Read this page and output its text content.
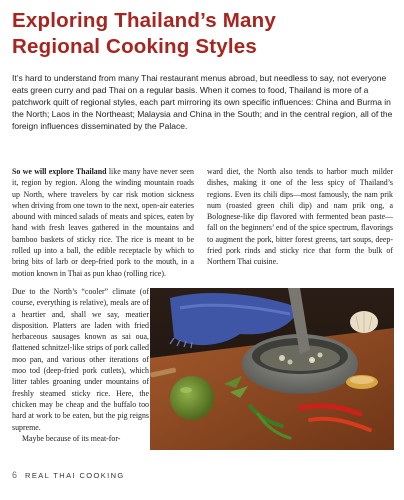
Exploring Thailand’s Many
Regional Cooking Styles
It’s hard to understand from many Thai restaurant menus abroad, but needless to say, not everyone eats green curry and pad Thai on a regular basis. When it comes to food, Thailand is more of a patchwork quilt of regional styles, each part mirroring its own specific influences: China and Burma in the North; Laos in the Northeast; Malaysia and China in the South; and in the central region, all of the foreign influences disseminated by the Palace.

So we will explore Thailand like many have never seen it, region by region. Along the winding mountain roads up North, where travelers by car risk motion sickness when driving from one town to the next, open-air eateries abound with minced salads of meats and spices, eaten by hand with fresh leaves gathered in the mountains and bamboo baskets of sticky rice. The rice is meant to be rolled up into a ball, the edible receptacle by which to bring bits of larb or deep-fried pork to the mouth, in a motion known in Thai as pun khao (rolling rice).

Due to the North’s “cooler” climate (of course, everything is relative), meals are of a heartier and, shall we say, meatier disposition. Platters are laden with fried herbaceous sausages known as sai oua, flattened schnitzel-like strips of pork called moo pan, and various other iterations of moo tod (deep-fried pork cutlets), which litter tables groaning under mountains of freshly steamed sticky rice. Here, the chicken may be cheap and the buffalo too hard at work to be eaten, but the pig reigns supreme.

Maybe because of its meat-for-

ward diet, the North also tends to harbor much milder dishes, making it one of the less spicy of Thailand’s regions. Even its chili dips—most famously, the nam prik num (roasted green chili dip) and nam prik ong, a Bolognese-like dip flavored with fermented bean paste—fall on the beginners’ end of the spice spectrum, flavorings to augment the pork, bitter forest greens, tart soups, deep-fried pork rinds and sticky rice that form the bulk of Northern Thai cuisine.

6 REAL THAI COOKING
